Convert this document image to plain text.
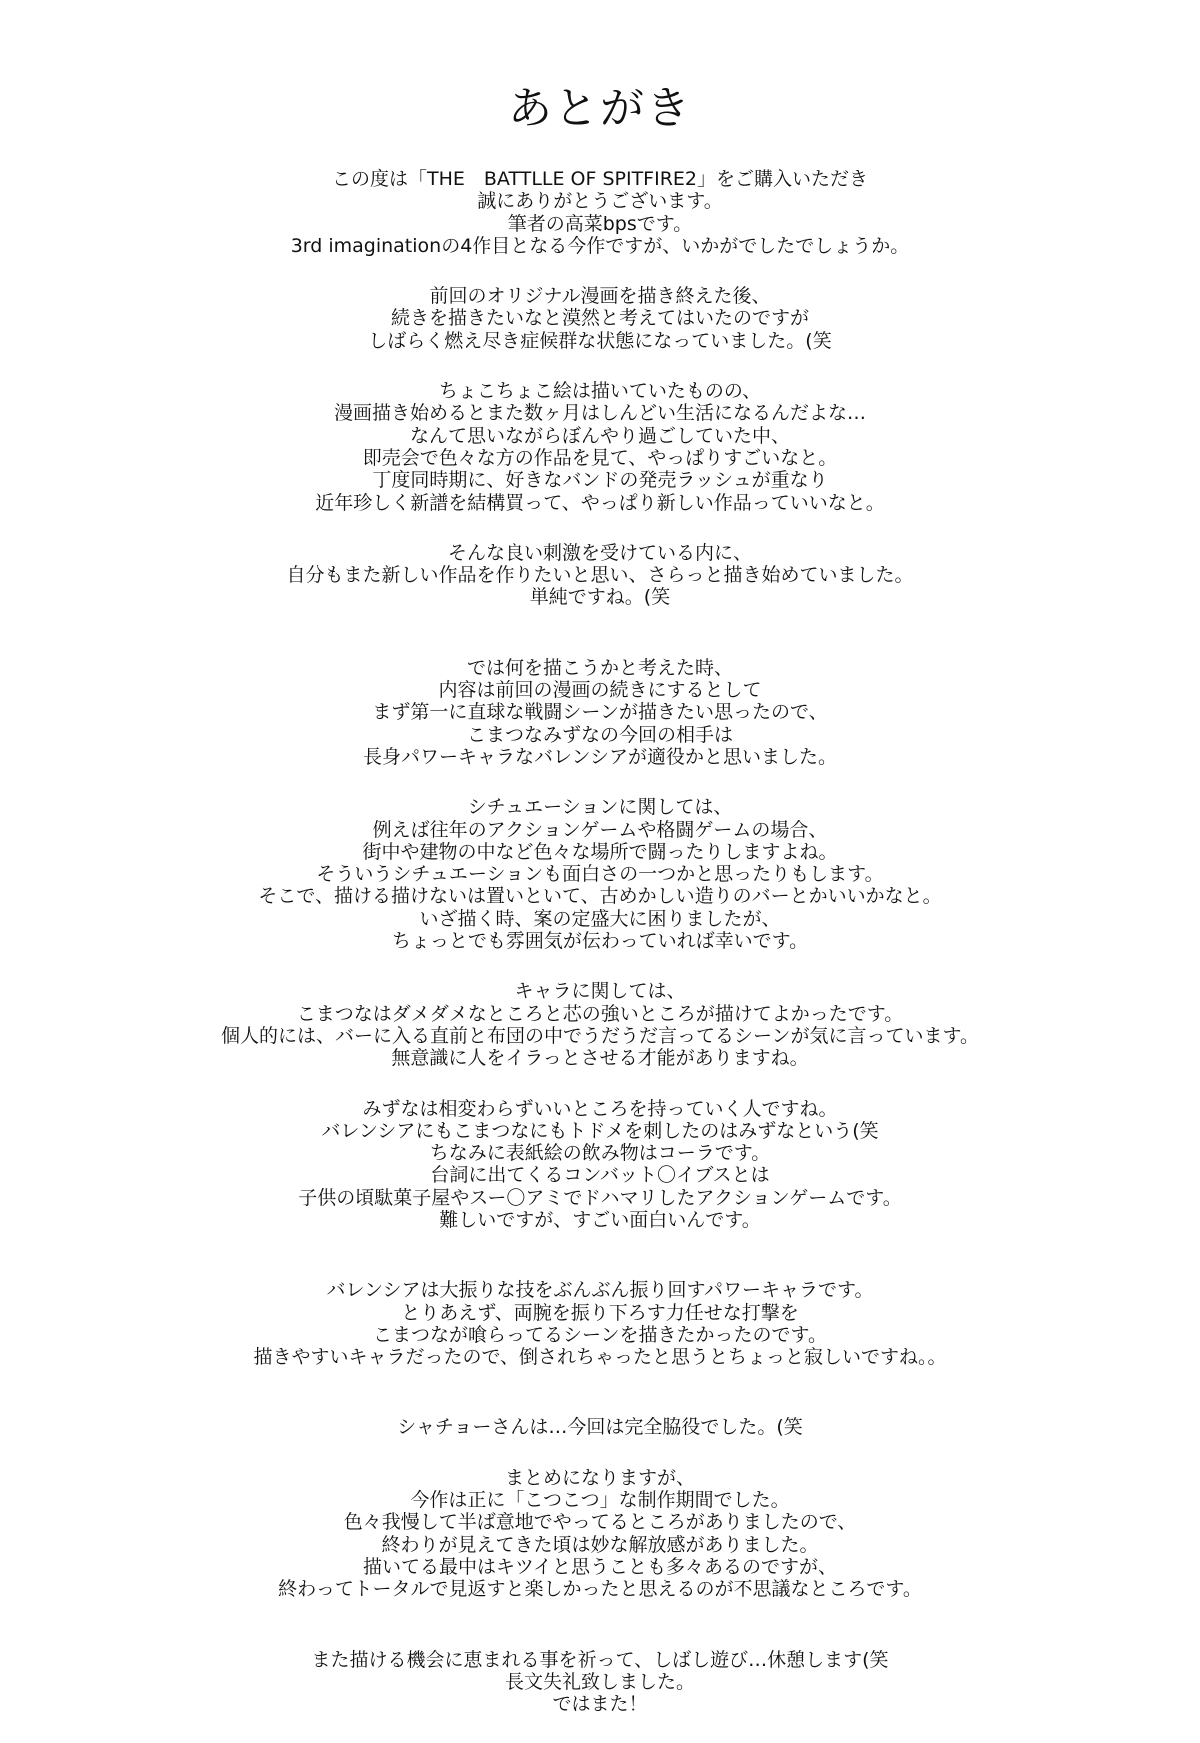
あとがき
この度は「THE　BATTLLE OF SPITFIRE2」をご購入いただき
誠にありがとうございます。
筆者の高菜bpsです。
3rd imaginationの4作目となる今作ですが、いかがでしたでしょうか。
前回のオリジナル漫画を描き終えた後、
続きを描きたいなと漠然と考えてはいたのですが
しばらく燃え尽き症候群な状態になっていました。(笑
ちょこちょこ絵は描いていたものの、
漫画描き始めるとまた数ヶ月はしんどい生活になるんだよな…
なんて思いながらぼんやり過ごしていた中、
即売会で色々な方の作品を見て、やっぱりすごいなと。
丁度同時期に、好きなバンドの発売ラッシュが重なり
近年珍しく新譜を結構買って、やっぱり新しい作品っていいなと。
そんな良い刺激を受けている内に、
自分もまた新しい作品を作りたいと思い、さらっと描き始めていました。
単純ですね。(笑
では何を描こうかと考えた時、
内容は前回の漫画の続きにするとして
まず第一に直球な戦闘シーンが描きたい思ったので、
こまつなみずなの今回の相手は
長身パワーキャラなバレンシアが適役かと思いました。
シチュエーションに関しては、
例えば往年のアクションゲームや格闘ゲームの場合、
街中や建物の中など色々な場所で闘ったりしますよね。
そういうシチュエーションも面白さの一つかと思ったりもします。
そこで、描ける描けないは置いといて、古めかしい造りのバーとかいいかなと。
いざ描く時、案の定盛大に困りましたが、
ちょっとでも雰囲気が伝わっていれば幸いです。
キャラに関しては、
こまつなはダメダメなところと芯の強いところが描けてよかったです。
個人的には、バーに入る直前と布団の中でうだうだ言ってるシーンが気に言っています。
無意識に人をイラっとさせる才能がありますね。
みずなは相変わらずいいところを持っていく人ですね。
バレンシアにもこまつなにもトドメを刺したのはみずなという(笑
ちなみに表紙絵の飲み物はコーラです。
台詞に出てくるコンバット〇イブスとは
子供の頃駄菓子屋やスー〇アミでドハマリしたアクションゲームです。
難しいですが、すごい面白いんです。
バレンシアは大振りな技をぶんぶん振り回すパワーキャラです。
とりあえず、両腕を振り下ろす力任せな打撃を
こまつなが喰らってるシーンを描きたかったのです。
描きやすいキャラだったので、倒されちゃったと思うとちょっと寂しいですね。。
シャチョーさんは…今回は完全脇役でした。(笑
まとめになりますが、
今作は正に「こつこつ」な制作期間でした。
色々我慢して半ば意地でやってるところがありましたので、
終わりが見えてきた頃は妙な解放感がありました。
描いてる最中はキツイと思うことも多々あるのですが、
終わってトータルで見返すと楽しかったと思えるのが不思議なところです。
また描ける機会に恵まれる事を祈って、しばし遊び…休憩します(笑
長文失礼致しました。
ではまた！
